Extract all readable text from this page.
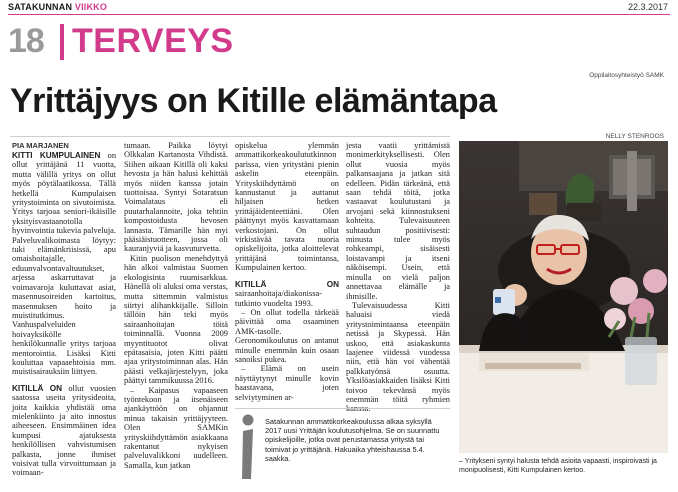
SATAKUNNAN VIIKKO	22.3.2017
18 TERVEYS
Oppilaitosyhteistyö SAMK
Yrittäjyys on Kitille elämäntapa
NELLY STENROOS
PIA MARJANEN

KITTI KUMPULAINEN on ollut yrittäjänä 11 vuotta, mutta välillä yritys on ollut myös pöytälaatikossa. Tällä hetkellä Kumpulaisen yritystoiminta on sivutoimista. Yritys tarjoaa seniori-ikäisille yksityisvastaanotolla hyvinvointia tukevia palveluja. Palveluvalikoimasta löytyy: tuki elämänkriisissä, apu omaishoitajalle, eduunvalvontavaltuutukset, arjessa askarruttavat ja voimavaroja kuluttavat asiat, masennusoireiden kartoitus, masennuksen hoito ja muistitutkimus. Vanhuspalveluiden hoivayksikölle henkilökunnalle yritys tarjoaa mentorointia. Lisäksi Kitti kouluttaa vapaaehtoisia mm. muistisairauksiin liittyen.

KITILLÄ ON ollut vuosien saatossa useita yritysideoita, joita kaikkia yhdistää oma mielenkiinto ja aito innostus aiheeseen. Ensimmäinen idea kumpusi ajatuksesta henkilöllisen vahvistumisen palkasta, jonne ihmiset voisivat tulla virvoittumaan ja voimaan-

tumaan. Paikka löytyi Olkkalan Kartanosta Vihdistä. Siihen aikaan Kitillä oli kaksi hevosta ja hän halusi kehittää myös niiden kanssa jotain tuottoisaa. Syntyi Sotaratsun Voimalataus eli puutarhalannoite, joka tehtiin kompostoidusta hevosen lannasta. Tämarille hän myi pääsiäistuotteen, jossa oli kauranjyviä ja kasvuturvetta.

Kitin puolison menehdyttyä hän alkoi valmistaa Suomen ekologisinta ruumisarkkua. Hänellä oli aluksi oma verstas, mutta sittemmin valmistus siirtyi alihankkijalle. Silloin tällöin hän teki myös sairaanhoitajan töitä toiminnallä. Vuonna 2009 myyntituotot olivat epätasaisia, joten Kitti päätti ajaa yritystoiminnan alas. Hän päästi velkajärjestelyyn, joka päättyi tammikuussa 2016.

– Kaipasus vapaaseen työntekoon ja itsenäiseen ajankäyttöön on ohjannut minua takaisin yrittäjyyteen. Olen SAMKin yrityskiihdyttämön asiakkaana rakentanut nykyisen palveluvalikkoni uudelleen. Samalla, kun jatkan

opiskelua ylemmän ammattikorkeakoulututkinnon parissa, vien yritystäni pienin askelin eteenpäin. Yrityskiihdyttämö on kannustanut ja auttanut hiljaisen hetken yrittäjäidenteettiäni. Olen päättynyt myös kasvattamaan verkostojani. On ollut virkistävää tavata nuoria opiskelijoita, jotka aloittelevat yrittäjänä toimintansa, Kumpulainen kertoo.

KITILLÄ ON sairaanhoitaja/diakonissa-tutkinto vuodelta 1993.

– On ollut todella tärkeää päivittää oma osaaminen AMK-tasolle. Geronomikoulutus on antanut minulle enemmän kuin osaan sanoiksi pukea.

– Elämä on usein näyttäytynyt minulle kovin haastavana, joten selviytyminen ar-

jesta vaatii yrittämistä monimerkityksellisesti. Olen ollut vuosia myös palkansaajana ja jatkan sitä edelleen. Pidän tärkeänä, että saan tehdä töitä, jotka vastaavat koulutustani ja arvojani sekä kiinnostukseni kohteita. Tulevaisuuteen suhtaudun positiivisesti: minusta tulee myös rohkeampi, sisäisesti loistavampi ja itseni näköisempi. Usein, että minulla on vielä paljon annettavaa elämälle ja ihmisille.

Tulevaisuudessa Kitti haluaisi viedä yritystoimintaansa eteenpäin netissä ja Skypessä. Hän uskoo, että asiakaskunta laajenee viidessä vuodessa niin, että hän voi vähentää palkkatyönsä osuutta. Yksilöasiakkaiden lisäksi Kitti toivoo tekevänsä myös enemmän töitä ryhmien kanssa.

Satakunnan ammattikorkeakoulussa alkaa syksyllä 2017 uusi Yrittäjän koulutusohjelma. Se on suunnattu opiskelijoille, jotka ovat perustamassa yritystä tai toimivat jo yrittäjänä. Hakuaika yhteishaussa 5.4. saakka.	– Yritykseni syntyi halusta tehdä asioita vapaasti, inspiroivasti ja monipuolisesti, Kitti Kumpulainen kertoo.
